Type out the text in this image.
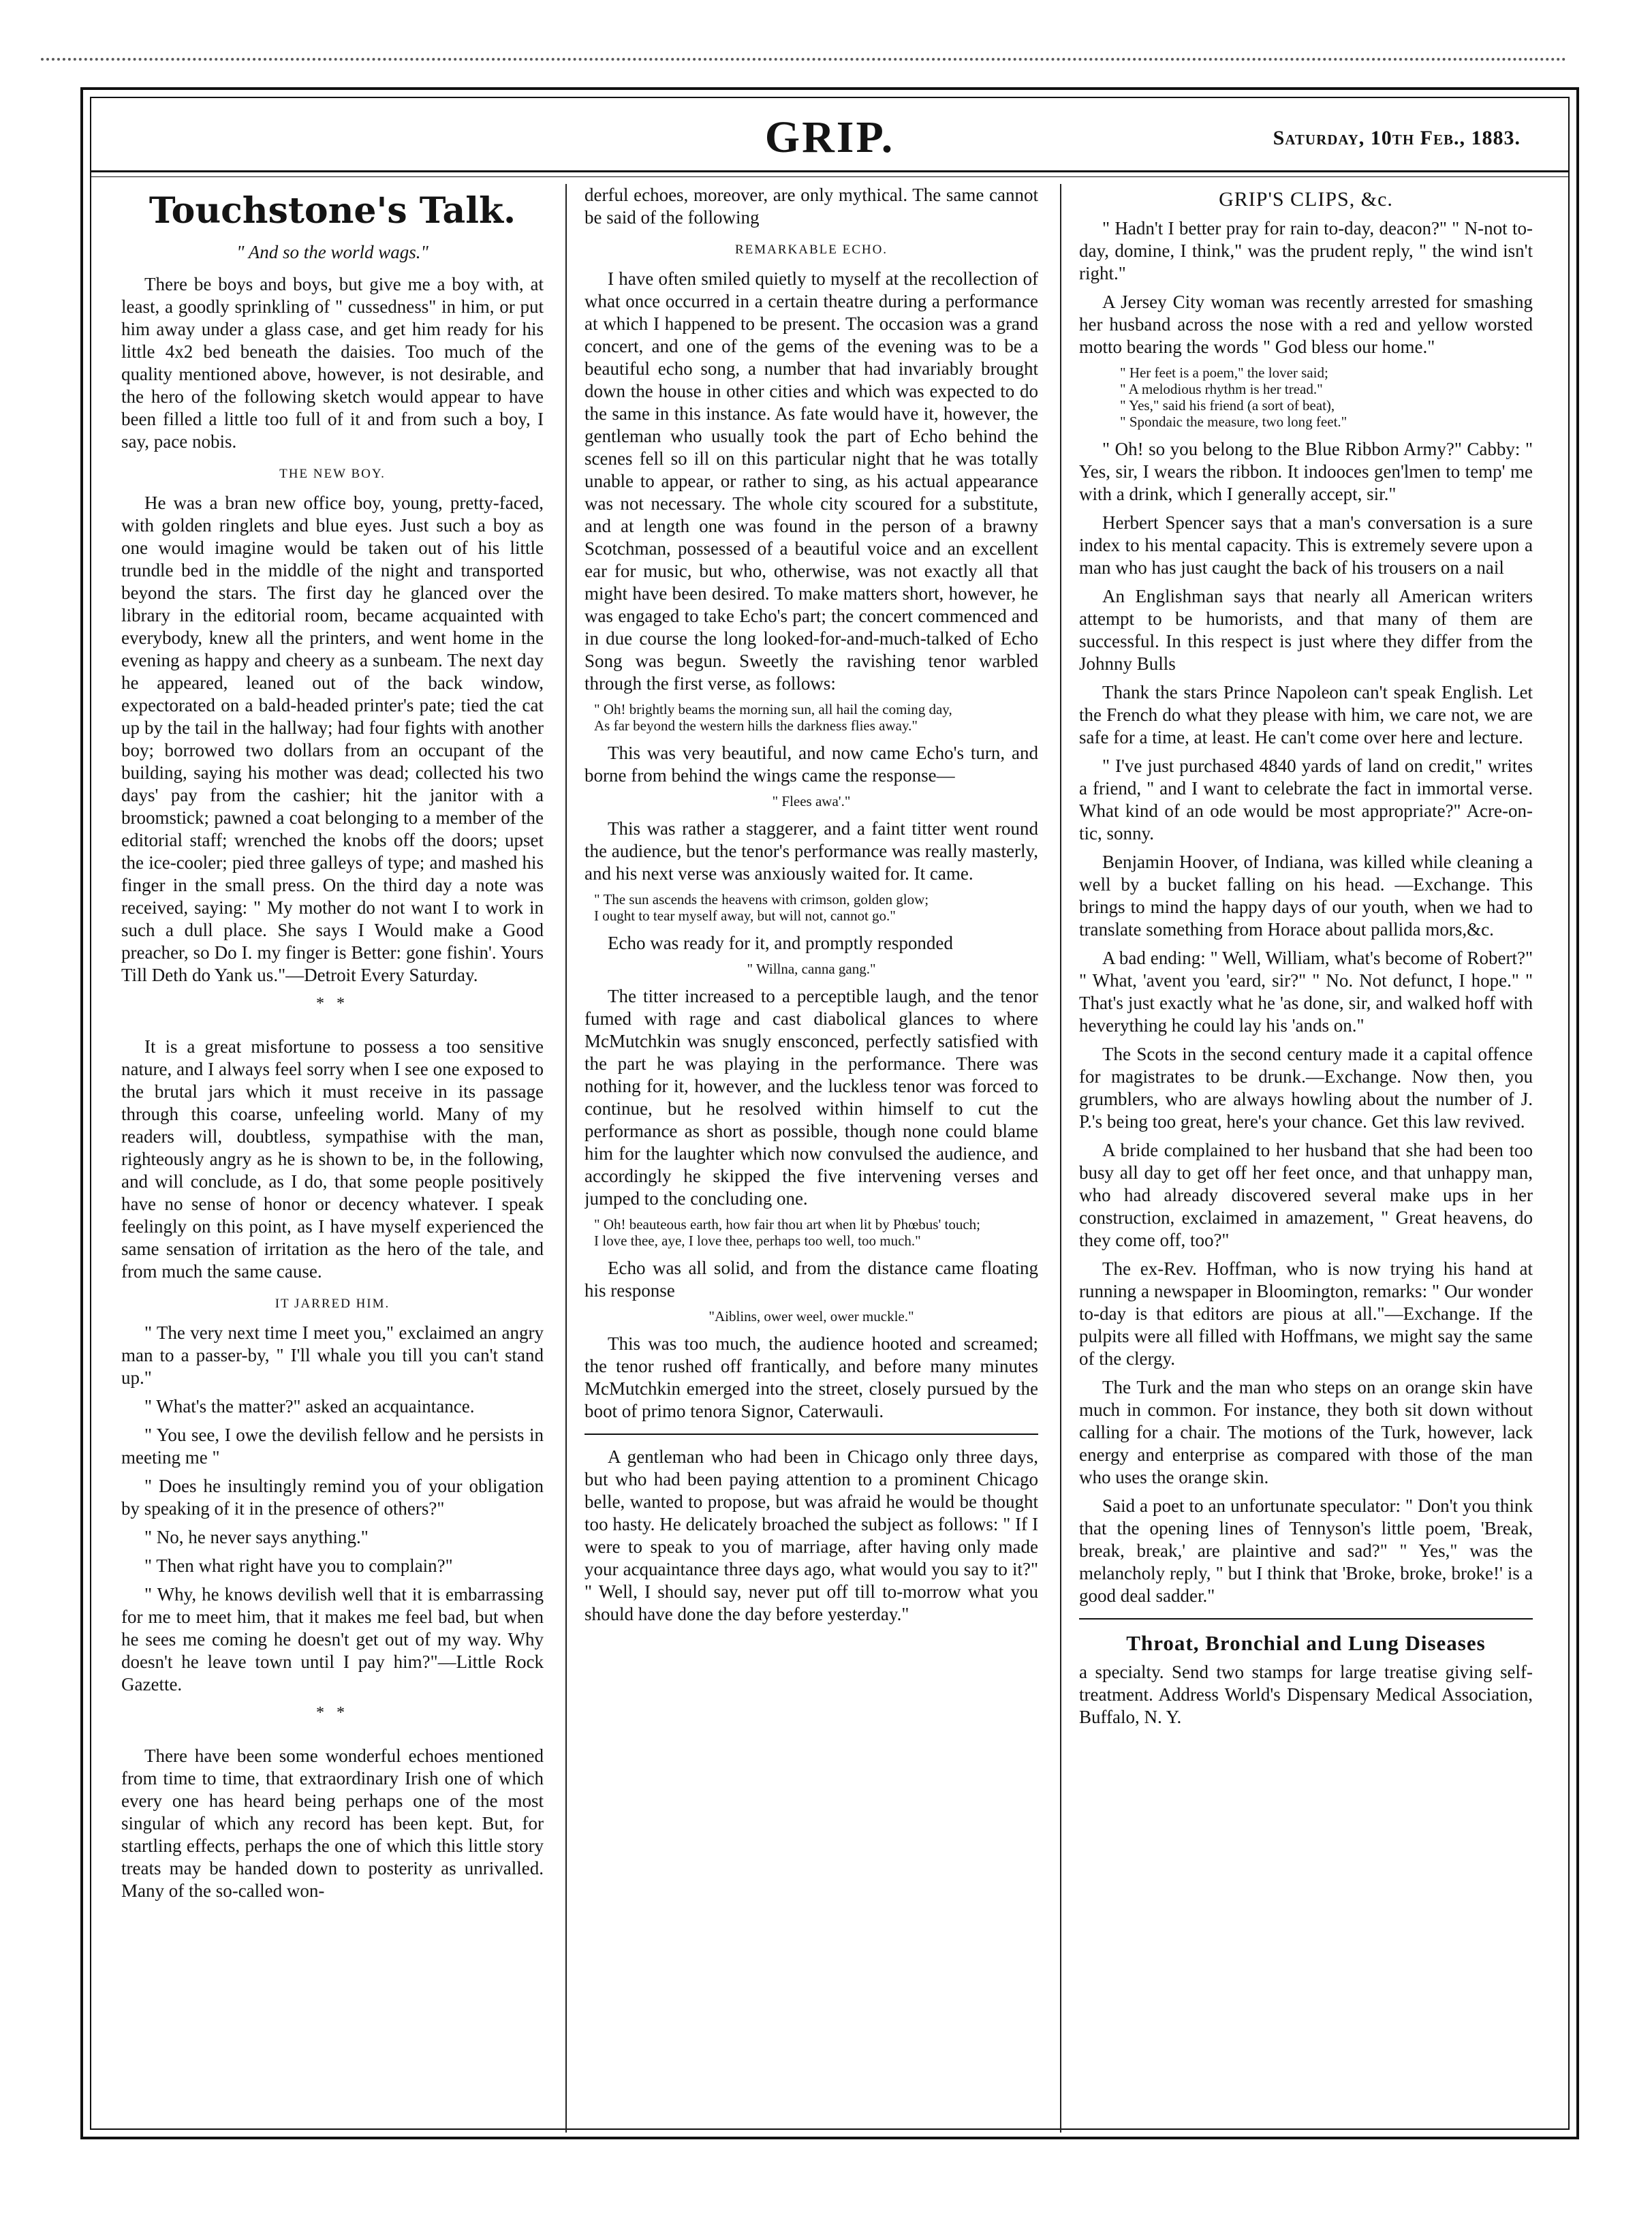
GRIP.	Saturday, 10th Feb., 1883.
Touchstone's Talk.

" And so the world wags."

There be boys and boys, but give me a boy with, at least, a goodly sprinkling of " cussedness" in him, or put him away under a glass case, and get him ready for his little 4x2 bed beneath the daisies. Too much of the quality mentioned above, however, is not desirable, and the hero of the following sketch would appear to have been filled a little too full of it and from such a boy, I say, pace nobis.

THE NEW BOY.

He was a bran new office boy, young, pretty-faced, with golden ringlets and blue eyes. Just such a boy as one would imagine would be taken out of his little trundle bed in the middle of the night and transported beyond the stars. The first day he glanced over the library in the editorial room, became acquainted with everybody, knew all the printers, and went home in the evening as happy and cheery as a sunbeam. The next day he appeared, leaned out of the back window, expectorated on a bald-headed printer's pate; tied the cat up by the tail in the hallway; had four fights with another boy; borrowed two dollars from an occupant of the building, saying his mother was dead; collected his two days' pay from the cashier; hit the janitor with a broomstick; pawned a coat belonging to a member of the editorial staff; wrenched the knobs off the doors; upset the ice-cooler; pied three galleys of type; and mashed his finger in the small press. On the third day a note was received, saying: " My mother do not want I to work in such a dull place. She says I Would make a Good preacher, so Do I. my finger is Better: gone fishin'. Yours Till Deth do Yank us."—Detroit Every Saturday.

* *

It is a great misfortune to possess a too sensitive nature, and I always feel sorry when I see one exposed to the brutal jars which it must receive in its passage through this coarse, unfeeling world. Many of my readers will, doubtless, sympathise with the man, righteously angry as he is shown to be, in the following, and will conclude, as I do, that some people positively have no sense of honor or decency whatever. I speak feelingly on this point, as I have myself experienced the same sensation of irritation as the hero of the tale, and from much the same cause.

IT JARRED HIM.

" The very next time I meet you," exclaimed an angry man to a passer-by, " I'll whale you till you can't stand up."

" What's the matter?" asked an acquaintance.

" You see, I owe the devilish fellow and he persists in meeting me "

" Does he insultingly remind you of your obligation by speaking of it in the presence of others?"

" No, he never says anything."

" Then what right have you to complain?"

" Why, he knows devilish well that it is embarrassing for me to meet him, that it makes me feel bad, but when he sees me coming he doesn't get out of my way. Why doesn't he leave town until I pay him?"—Little Rock Gazette.

* *

There have been some wonderful echoes mentioned from time to time, that extraordinary Irish one of which every one has heard being perhaps one of the most singular of which any record has been kept. But, for startling effects, perhaps the one of which this little story treats may be handed down to posterity as unrivalled. Many of the so-called won-

derful echoes, moreover, are only mythical. The same cannot be said of the following

REMARKABLE ECHO.

I have often smiled quietly to myself at the recollection of what once occurred in a certain theatre during a performance at which I happened to be present. The occasion was a grand concert, and one of the gems of the evening was to be a beautiful echo song, a number that had invariably brought down the house in other cities and which was expected to do the same in this instance. As fate would have it, however, the gentleman who usually took the part of Echo behind the scenes fell so ill on this particular night that he was totally unable to appear, or rather to sing, as his actual appearance was not necessary. The whole city scoured for a substitute, and at length one was found in the person of a brawny Scotchman, possessed of a beautiful voice and an excellent ear for music, but who, otherwise, was not exactly all that might have been desired. To make matters short, however, he was engaged to take Echo's part; the concert commenced and in due course the long looked-for-and-much-talked of Echo Song was begun. Sweetly the ravishing tenor warbled through the first verse, as follows:

" Oh! brightly beams the morning sun, all hail the coming day,
As far beyond the western hills the darkness flies away."

This was very beautiful, and now came Echo's turn, and borne from behind the wings came the response—

" Flees awa'."

This was rather a staggerer, and a faint titter went round the audience, but the tenor's performance was really masterly, and his next verse was anxiously waited for. It came.

" The sun ascends the heavens with crimson, golden glow;
I ought to tear myself away, but will not, cannot go."

Echo was ready for it, and promptly responded

" Willna, canna gang."

The titter increased to a perceptible laugh, and the tenor fumed with rage and cast diabolical glances to where McMutchkin was snugly ensconced, perfectly satisfied with the part he was playing in the performance. There was nothing for it, however, and the luckless tenor was forced to continue, but he resolved within himself to cut the performance as short as possible, though none could blame him for the laughter which now convulsed the audience, and accordingly he skipped the five intervening verses and jumped to the concluding one.

" Oh! beauteous earth, how fair thou art when lit by Phœbus' touch;
I love thee, aye, I love thee, perhaps too well, too much."

Echo was all solid, and from the distance came floating his response

"Aiblins, ower weel, ower muckle."

This was too much, the audience hooted and screamed; the tenor rushed off frantically, and before many minutes McMutchkin emerged into the street, closely pursued by the boot of primo tenora Signor, Caterwauli.

A gentleman who had been in Chicago only three days, but who had been paying attention to a prominent Chicago belle, wanted to propose, but was afraid he would be thought too hasty. He delicately broached the subject as follows: " If I were to speak to you of marriage, after having only made your acquaintance three days ago, what would you say to it?" " Well, I should say, never put off till to-morrow what you should have done the day before yesterday."

GRIP'S CLIPS, &c.

" Hadn't I better pray for rain to-day, deacon?" " N-not to-day, domine, I think," was the prudent reply, " the wind isn't right."

A Jersey City woman was recently arrested for smashing her husband across the nose with a red and yellow worsted motto bearing the words " God bless our home."

" Her feet is a poem," the lover said;
" A melodious rhythm is her tread."
" Yes," said his friend (a sort of beat),
" Spondaic the measure, two long feet."

" Oh! so you belong to the Blue Ribbon Army?" Cabby: " Yes, sir, I wears the ribbon. It indooces gen'lmen to temp' me with a drink, which I generally accept, sir."

Herbert Spencer says that a man's conversation is a sure index to his mental capacity. This is extremely severe upon a man who has just caught the back of his trousers on a nail

An Englishman says that nearly all American writers attempt to be humorists, and that many of them are successful. In this respect is just where they differ from the Johnny Bulls

Thank the stars Prince Napoleon can't speak English. Let the French do what they please with him, we care not, we are safe for a time, at least. He can't come over here and lecture.

" I've just purchased 4840 yards of land on credit," writes a friend, " and I want to celebrate the fact in immortal verse. What kind of an ode would be most appropriate?" Acre-on-tic, sonny.

Benjamin Hoover, of Indiana, was killed while cleaning a well by a bucket falling on his head. —Exchange. This brings to mind the happy days of our youth, when we had to translate something from Horace about pallida mors,&c.

A bad ending: " Well, William, what's become of Robert?" " What, 'avent you 'eard, sir?" " No. Not defunct, I hope." " That's just exactly what he 'as done, sir, and walked hoff with heverything he could lay his 'ands on."

The Scots in the second century made it a capital offence for magistrates to be drunk.—Exchange. Now then, you grumblers, who are always howling about the number of J. P.'s being too great, here's your chance. Get this law revived.

A bride complained to her husband that she had been too busy all day to get off her feet once, and that unhappy man, who had already discovered several make ups in her construction, exclaimed in amazement, " Great heavens, do they come off, too?"

The ex-Rev. Hoffman, who is now trying his hand at running a newspaper in Bloomington, remarks: " Our wonder to-day is that editors are pious at all."—Exchange. If the pulpits were all filled with Hoffmans, we might say the same of the clergy.

The Turk and the man who steps on an orange skin have much in common. For instance, they both sit down without calling for a chair. The motions of the Turk, however, lack energy and enterprise as compared with those of the man who uses the orange skin.

Said a poet to an unfortunate speculator: " Don't you think that the opening lines of Tennyson's little poem, 'Break, break, break,' are plaintive and sad?" " Yes," was the melancholy reply, " but I think that 'Broke, broke, broke!' is a good deal sadder."

Throat, Bronchial and Lung Diseases

a specialty. Send two stamps for large treatise giving self-treatment. Address World's Dispensary Medical Association, Buffalo, N. Y.
